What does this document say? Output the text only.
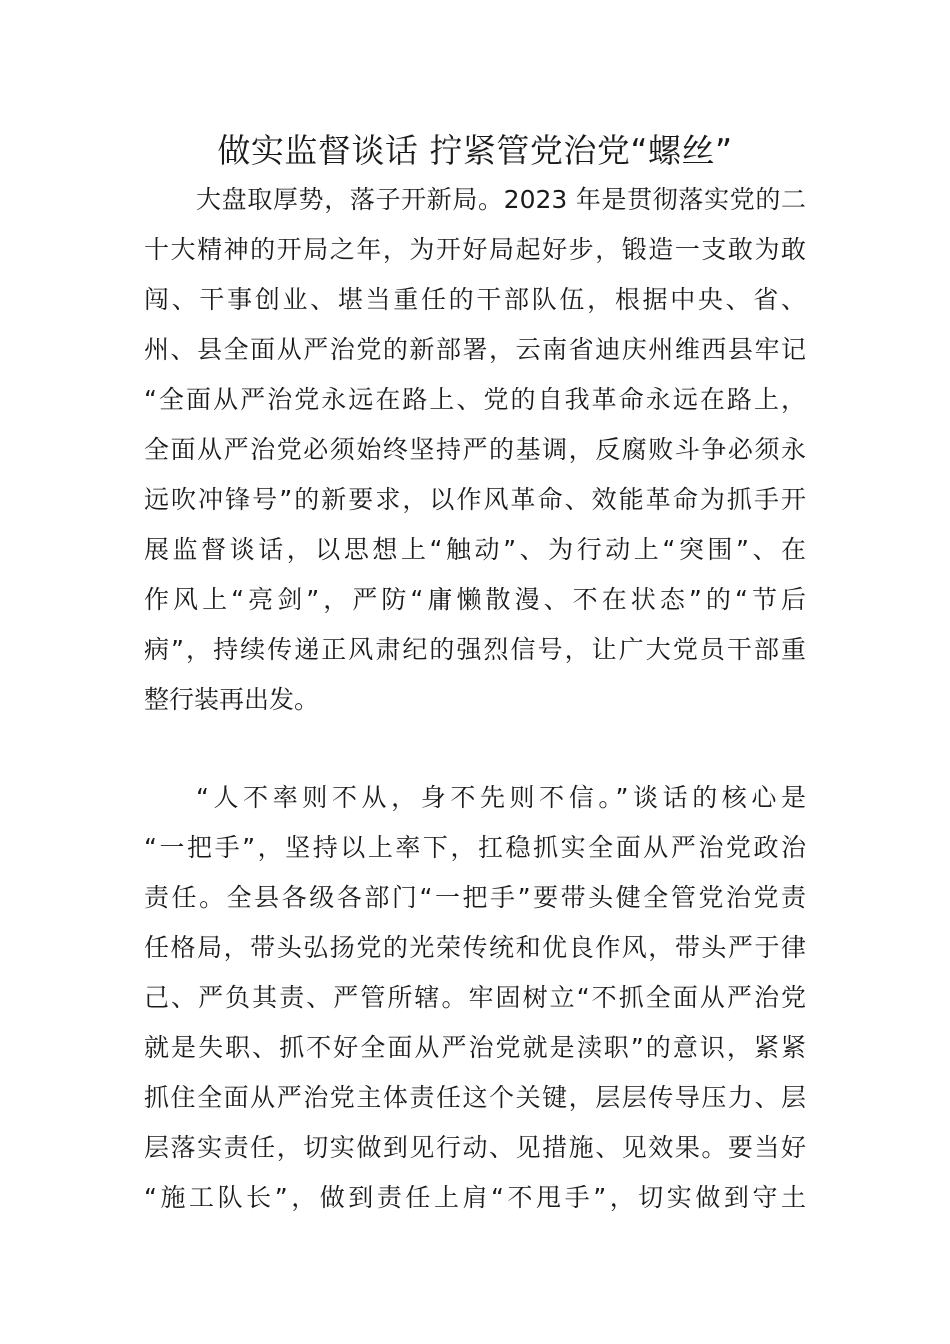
做实监督谈话 拧紧管党治党“螺丝”
大盘取厚势，落子开新局。2023 年是贯彻落实党的二
十大精神的开局之年，为开好局起好步，锻造一支敢为敢
闯、干事创业、堪当重任的干部队伍，根据中央、省、
州、县全面从严治党的新部署，云南省迪庆州维西县牢记
“全面从严治党永远在路上、党的自我革命永远在路上，
全面从严治党必须始终坚持严的基调，反腐败斗争必须永
远吹冲锋号”的新要求，以作风革命、效能革命为抓手开
展监督谈话，以思想上“触动”、为行动上“突围”、在
作风上“亮剑”，严防“庸懒散漫、不在状态”的“节后
病”，持续传递正风肃纪的强烈信号，让广大党员干部重
整行装再出发。
“人不率则不从，身不先则不信。”谈话的核心是
“一把手”，坚持以上率下，扛稳抓实全面从严治党政治
责任。全县各级各部门“一把手”要带头健全管党治党责
任格局，带头弘扬党的光荣传统和优良作风，带头严于律
己、严负其责、严管所辖。牢固树立“不抓全面从严治党
就是失职、抓不好全面从严治党就是渎职”的意识，紧紧
抓住全面从严治党主体责任这个关键，层层传导压力、层
层落实责任，切实做到见行动、见措施、见效果。要当好
“施工队长”，做到责任上肩“不甩手”，切实做到守土
